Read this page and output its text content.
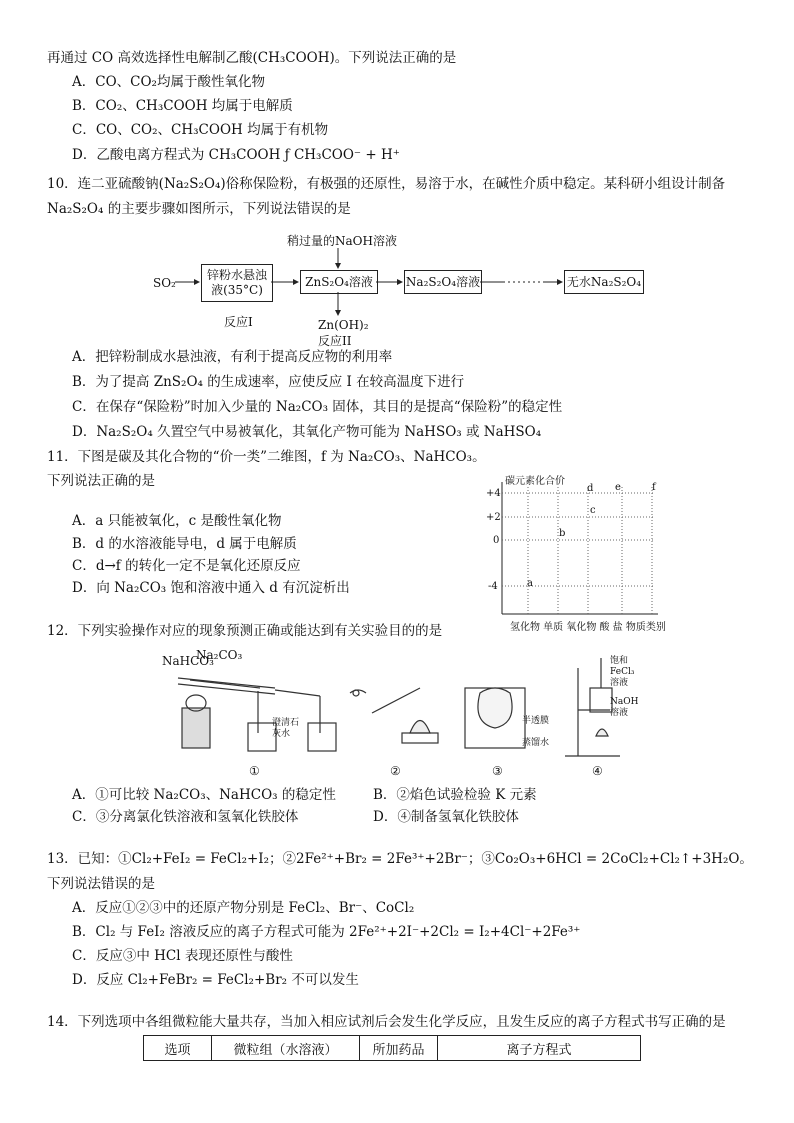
再通过 CO 高效选择性电解制乙酸(CH₃COOH)。下列说法正确的是
A．CO、CO₂均属于酸性氧化物
B．CO₂、CH₃COOH 均属于电解质
C．CO、CO₂、CH₃COOH 均属于有机物
D．乙酸电离方程式为 CH₃COOH ƒ CH₃COO⁻ + H⁺
10．连二亚硫酸钠(Na₂S₂O₄)俗称保险粉，有极强的还原性，易溶于水，在碱性介质中稳定。某科研小组设计制备
Na₂S₂O₄ 的主要步骤如图所示，下列说法错误的是
稍过量的NaOH溶液
SO₂
锌粉水悬浊液(35°C)
ZnS₂O₄溶液	Na₂S₂O₄溶液	无水Na₂S₂O₄
反应I	Zn(OH)₂
反应II
A．把锌粉制成水悬浊液，有利于提高反应物的利用率
B．为了提高 ZnS₂O₄ 的生成速率，应使反应 I 在较高温度下进行
C．在保存“保险粉”时加入少量的 Na₂CO₃ 固体，其目的是提高“保险粉”的稳定性
D．Na₂S₂O₄ 久置空气中易被氧化，其氧化产物可能为 NaHSO₃ 或 NaHSO₄
11．下图是碳及其化合物的“价一类”二维图，f 为 Na₂CO₃、NaHCO₃。
下列说法正确的是
A．a 只能被氧化，c 是酸性氧化物
B．d 的水溶液能导电，d 属于电解质
C．d→f 的转化一定不是氧化还原反应
D．向 Na₂CO₃ 饱和溶液中通入 d 有沉淀析出
碳元素化合价
+4
+2
0
-4
氢化物 单质 氧化物 酸 盐 物质类别
a
b
c
d e	f
12．下列实验操作对应的现象预测正确或能达到有关实验目的的是
NaHCO₃
Na₂CO₃
澄清石灰水
半透膜
蒸馏水
饱和FeCl₃溶液
NaOH溶液
①	②	③	④
A．①可比较 Na₂CO₃、NaHCO₃ 的稳定性	B．②焰色试验检验 K 元素
C．③分离氯化铁溶液和氢氧化铁胶体	D．④制备氢氧化铁胶体
13．已知：①Cl₂+FeI₂ = FeCl₂+I₂；②2Fe²⁺+Br₂ = 2Fe³⁺+2Br⁻；③Co₂O₃+6HCl = 2CoCl₂+Cl₂↑+3H₂O。
下列说法错误的是
A．反应①②③中的还原产物分别是 FeCl₂、Br⁻、CoCl₂
B．Cl₂ 与 FeI₂ 溶液反应的离子方程式可能为 2Fe²⁺+2I⁻+2Cl₂ = I₂+4Cl⁻+2Fe³⁺
C．反应③中 HCl 表现还原性与酸性
D．反应 Cl₂+FeBr₂ = FeCl₂+Br₂ 不可以发生
14．下列选项中各组微粒能大量共存，当加入相应试剂后会发生化学反应，且发生反应的离子方程式书写正确的是
选项	微粒组（水溶液）	所加药品	离子方程式
